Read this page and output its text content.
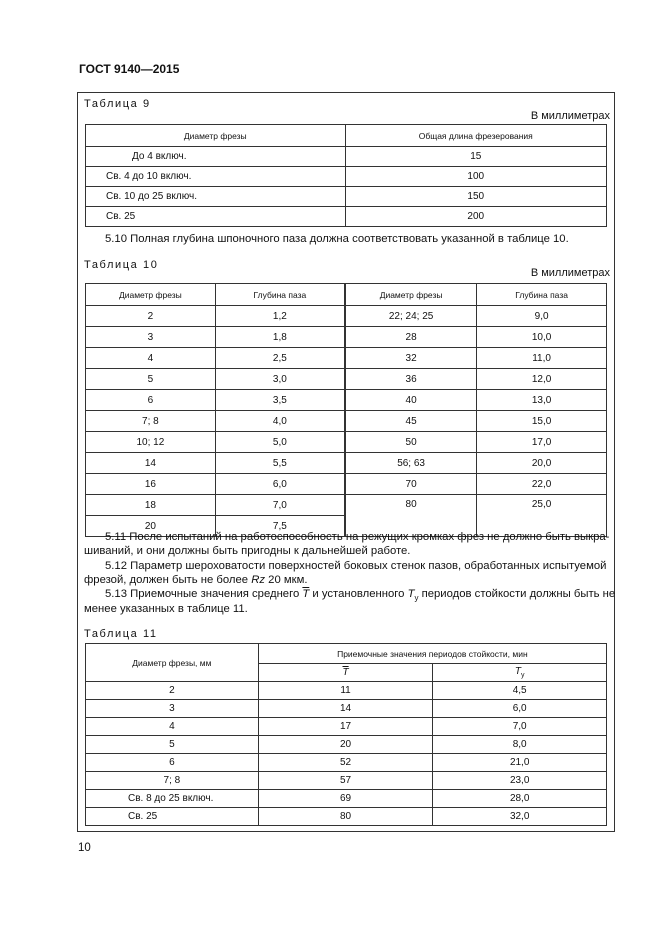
ГОСТ 9140—2015
Таблица 9
В миллиметрах
Диаметр фрезы	Общая длина фрезерования
До 4 включ.	15
Св. 4 до 10 включ.	100
Св. 10 до 25 включ.	150
Св. 25	200
5.10 Полная глубина шпоночного паза должна соответствовать указанной в таблице 10.
Таблица 10
В миллиметрах
Диаметр фрезы	Глубина паза	Диаметр фрезы	Глубина паза
2	1,2	22; 24; 25	9,0
3	1,8	28	10,0
4	2,5	32	11,0
5	3,0	36	12,0
6	3,5	40	13,0
7; 8	4,0	45	15,0
10; 12	5,0	50	17,0
14	5,5	56; 63	20,0
16	6,0	70	22,0
18	7,0	80	25,0
20	7,5		
5.11 После испытаний на работоспособность на режущих кромках фрез не должно быть выкра-
шиваний, и они должны быть пригодны к дальнейшей работе.
5.12 Параметр шероховатости поверхностей боковых стенок пазов, обработанных испытуемой
фрезой, должен быть не более Rz 20 мкм.
5.13 Приемочные значения среднего $\overline{T}$ и установленного $T_у$ периодов стойкости должны быть не
менее указанных в таблице 11.
Таблица 11
Диаметр фрезы, мм	Приемочные значения периодов стойкости, мин	
	$\overline{T}$	$T_у$
2	11	4,5
3	14	6,0
4	17	7,0
5	20	8,0
6	52	21,0
7; 8	57	23,0
Св. 8 до 25 включ.	69	28,0
Св. 25	80	32,0
10
